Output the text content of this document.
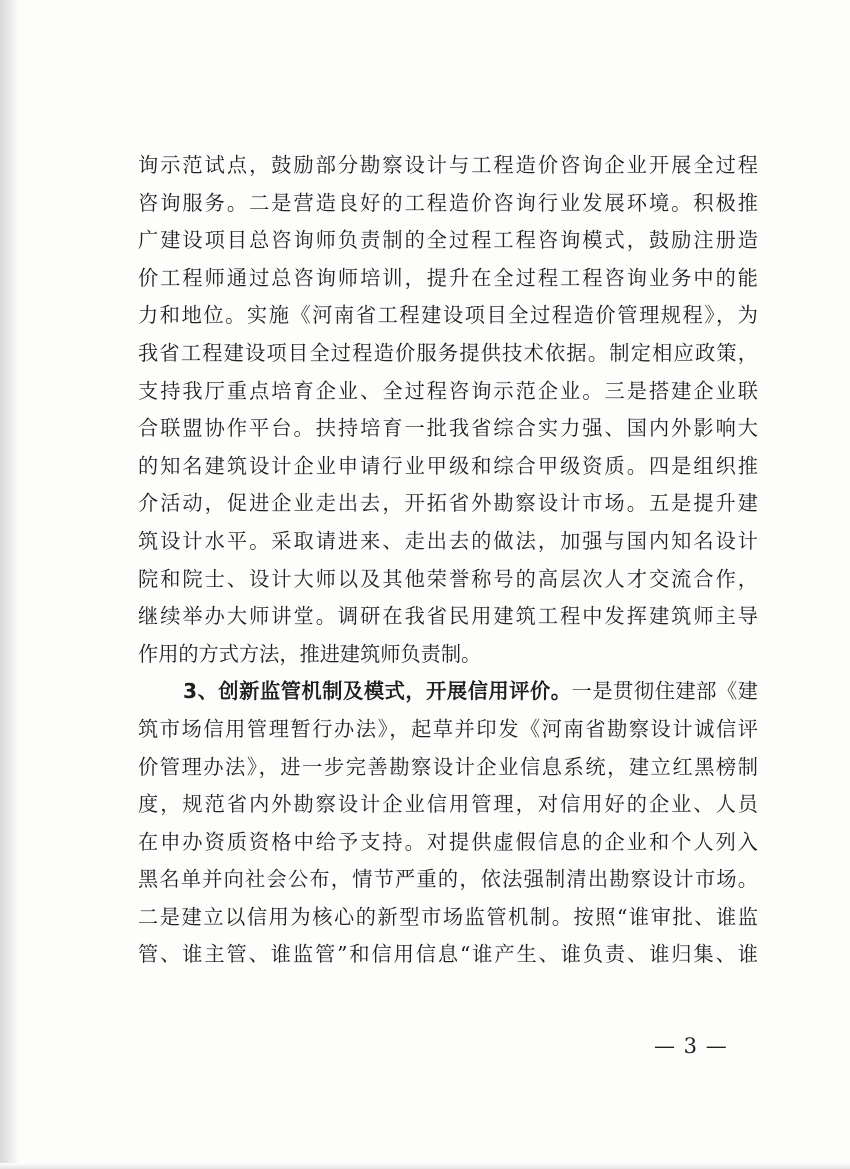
询示范试点，鼓励部分勘察设计与工程造价咨询企业开展全过程
咨询服务。二是营造良好的工程造价咨询行业发展环境。积极推
广建设项目总咨询师负责制的全过程工程咨询模式，鼓励注册造
价工程师通过总咨询师培训，提升在全过程工程咨询业务中的能
力和地位。实施《河南省工程建设项目全过程造价管理规程》，为
我省工程建设项目全过程造价服务提供技术依据。制定相应政策，
支持我厅重点培育企业、全过程咨询示范企业。三是搭建企业联
合联盟协作平台。扶持培育一批我省综合实力强、国内外影响大
的知名建筑设计企业申请行业甲级和综合甲级资质。四是组织推
介活动，促进企业走出去，开拓省外勘察设计市场。五是提升建
筑设计水平。采取请进来、走出去的做法，加强与国内知名设计
院和院士、设计大师以及其他荣誉称号的高层次人才交流合作，
继续举办大师讲堂。调研在我省民用建筑工程中发挥建筑师主导
作用的方式方法，推进建筑师负责制。
3、创新监管机制及模式，开展信用评价。一是贯彻住建部《建
筑市场信用管理暂行办法》，起草并印发《河南省勘察设计诚信评
价管理办法》，进一步完善勘察设计企业信息系统，建立红黑榜制
度，规范省内外勘察设计企业信用管理，对信用好的企业、人员
在申办资质资格中给予支持。对提供虚假信息的企业和个人列入
黑名单并向社会公布，情节严重的，依法强制清出勘察设计市场。
二是建立以信用为核心的新型市场监管机制。按照“谁审批、谁监
管、谁主管、谁监管”和信用信息“谁产生、谁负责、谁归集、谁
— 3 —
